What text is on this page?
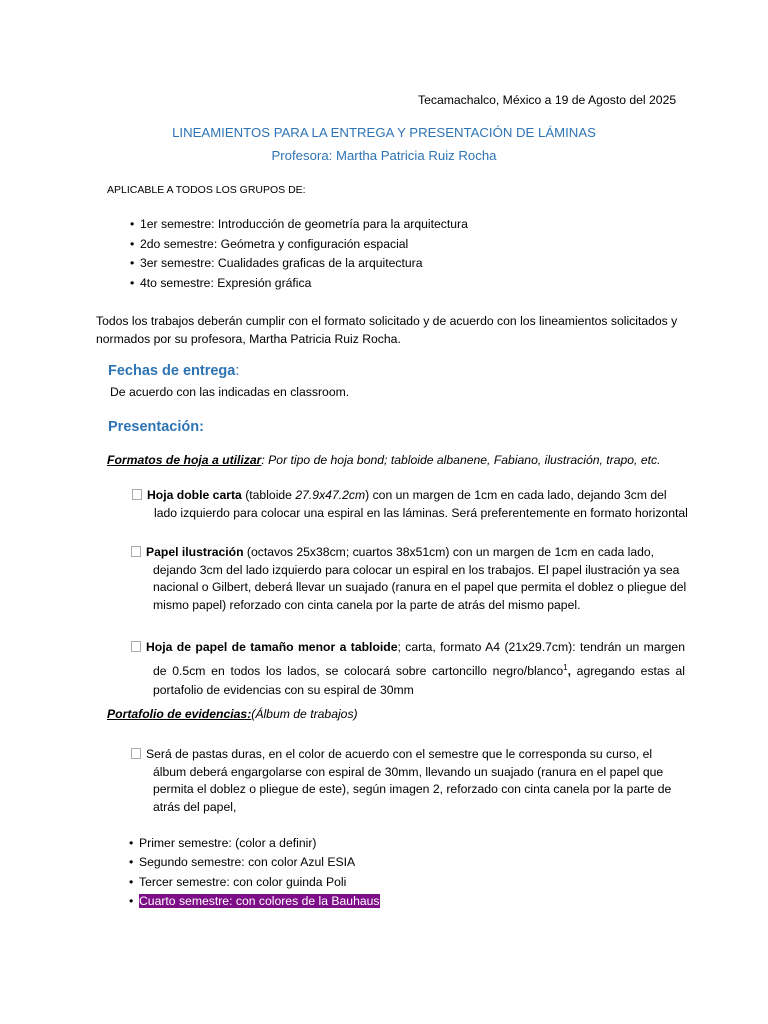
Tecamachalco, México a 19 de Agosto del 2025

LINEAMIENTOS PARA LA ENTREGA Y PRESENTACIÓN DE LÁMINAS

Profesora: Martha Patricia Ruiz Rocha

APLICABLE A TODOS LOS GRUPOS DE:

• 1er semestre: Introducción de geometría para la arquitectura
• 2do semestre: Geómetra y configuración espacial
• 3er semestre: Cualidades graficas de la arquitectura
• 4to semestre: Expresión gráfica

Todos los trabajos deberán cumplir con el formato solicitado y de acuerdo con los lineamientos solicitados y normados por su profesora, Martha Patricia Ruiz Rocha.

Fechas de entrega:

De acuerdo con las indicadas en classroom.

Presentación:

Formatos de hoja a utilizar: Por tipo de hoja bond; tabloide albanene, Fabiano, ilustración, trapo, etc.

Hoja doble carta (tabloide 27.9x47.2cm) con un margen de 1cm en cada lado, dejando 3cm del lado izquierdo para colocar una espiral en las láminas. Será preferentemente en formato horizontal

Papel ilustración (octavos 25x38cm; cuartos 38x51cm) con un margen de 1cm en cada lado, dejando 3cm del lado izquierdo para colocar un espiral en los trabajos. El papel ilustración ya sea nacional o Gilbert, deberá llevar un suajado (ranura en el papel que permita el doblez o pliegue del mismo papel) reforzado con cinta canela por la parte de atrás del mismo papel.

Hoja de papel de tamaño menor a tabloide; carta, formato A4 (21x29.7cm): tendrán un margen de 0.5cm en todos los lados, se colocará sobre cartoncillo negro/blanco$^1$, agregando estas al portafolio de evidencias con su espiral de 30mm

Portafolio de evidencias:(Álbum de trabajos)

Será de pastas duras, en el color de acuerdo con el semestre que le corresponda su curso, el álbum deberá engargolarse con espiral de 30mm, llevando un suajado (ranura en el papel que permita el doblez o pliegue de este), según imagen 2, reforzado con cinta canela por la parte de atrás del papel,

• Primer semestre: (color a definir)
• Segundo semestre: con color Azul ESIA
• Tercer semestre: con color guinda Poli
• Cuarto semestre: con colores de la Bauhaus
